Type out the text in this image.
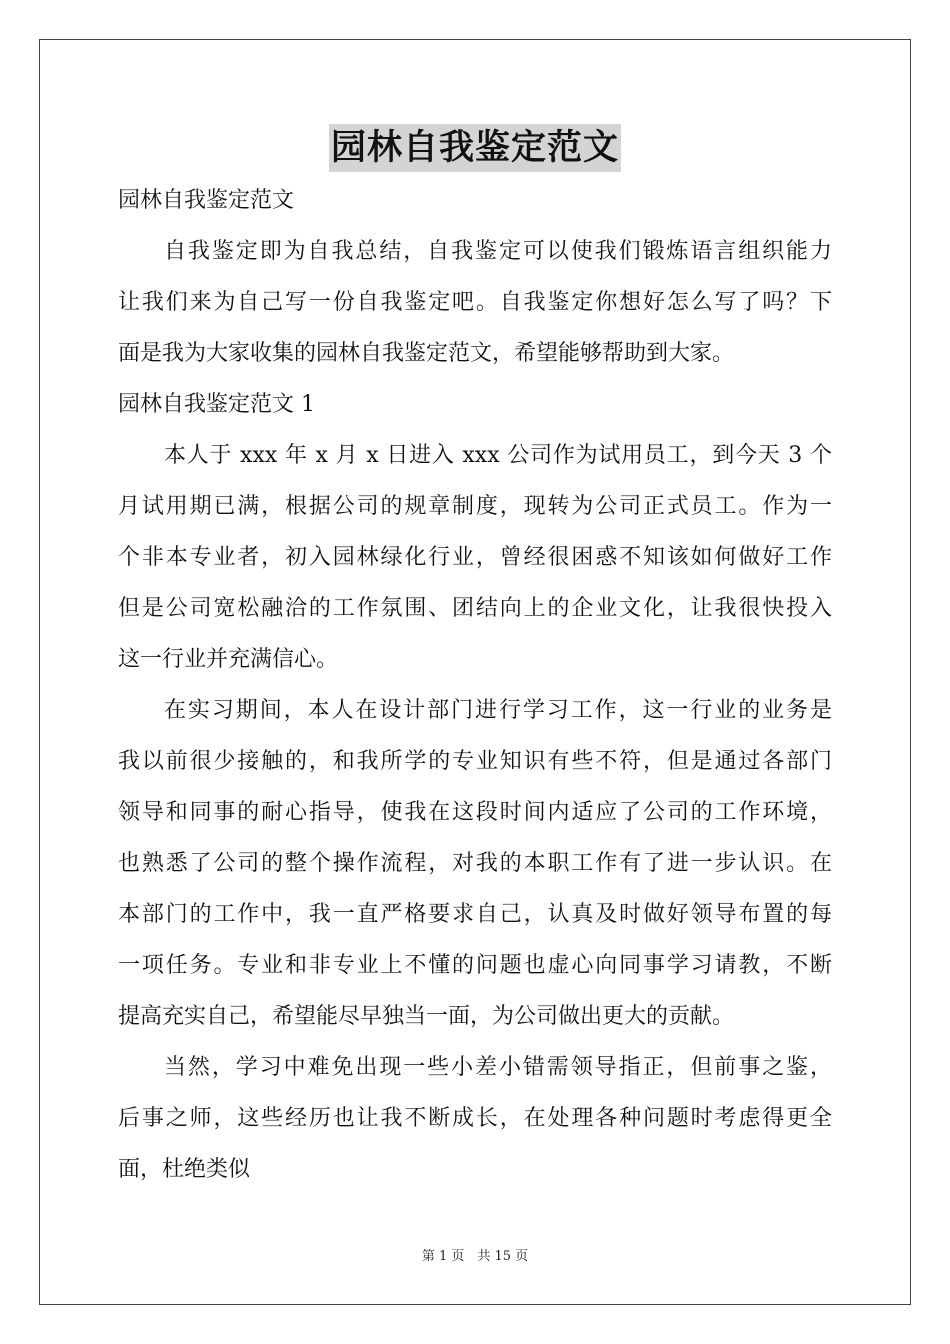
园林自我鉴定范文
园林自我鉴定范文
自我鉴定即为自我总结，自我鉴定可以使我们锻炼语言组织能力
让我们来为自己写一份自我鉴定吧。自我鉴定你想好怎么写了吗？下
面是我为大家收集的园林自我鉴定范文，希望能够帮助到大家。
园林自我鉴定范文 1
本人于 xxx 年 x 月 x 日进入 xxx 公司作为试用员工，到今天 3 个
月试用期已满，根据公司的规章制度，现转为公司正式员工。作为一
个非本专业者，初入园林绿化行业，曾经很困惑不知该如何做好工作
但是公司宽松融洽的工作氛围、团结向上的企业文化，让我很快投入
这一行业并充满信心。
在实习期间，本人在设计部门进行学习工作，这一行业的业务是
我以前很少接触的，和我所学的专业知识有些不符，但是通过各部门
领导和同事的耐心指导，使我在这段时间内适应了公司的工作环境，
也熟悉了公司的整个操作流程，对我的本职工作有了进一步认识。在
本部门的工作中，我一直严格要求自己，认真及时做好领导布置的每
一项任务。专业和非专业上不懂的问题也虚心向同事学习请教，不断
提高充实自己，希望能尽早独当一面，为公司做出更大的贡献。
当然，学习中难免出现一些小差小错需领导指正，但前事之鉴，
后事之师，这些经历也让我不断成长，在处理各种问题时考虑得更全
面，杜绝类似
第 1 页　共 15 页
